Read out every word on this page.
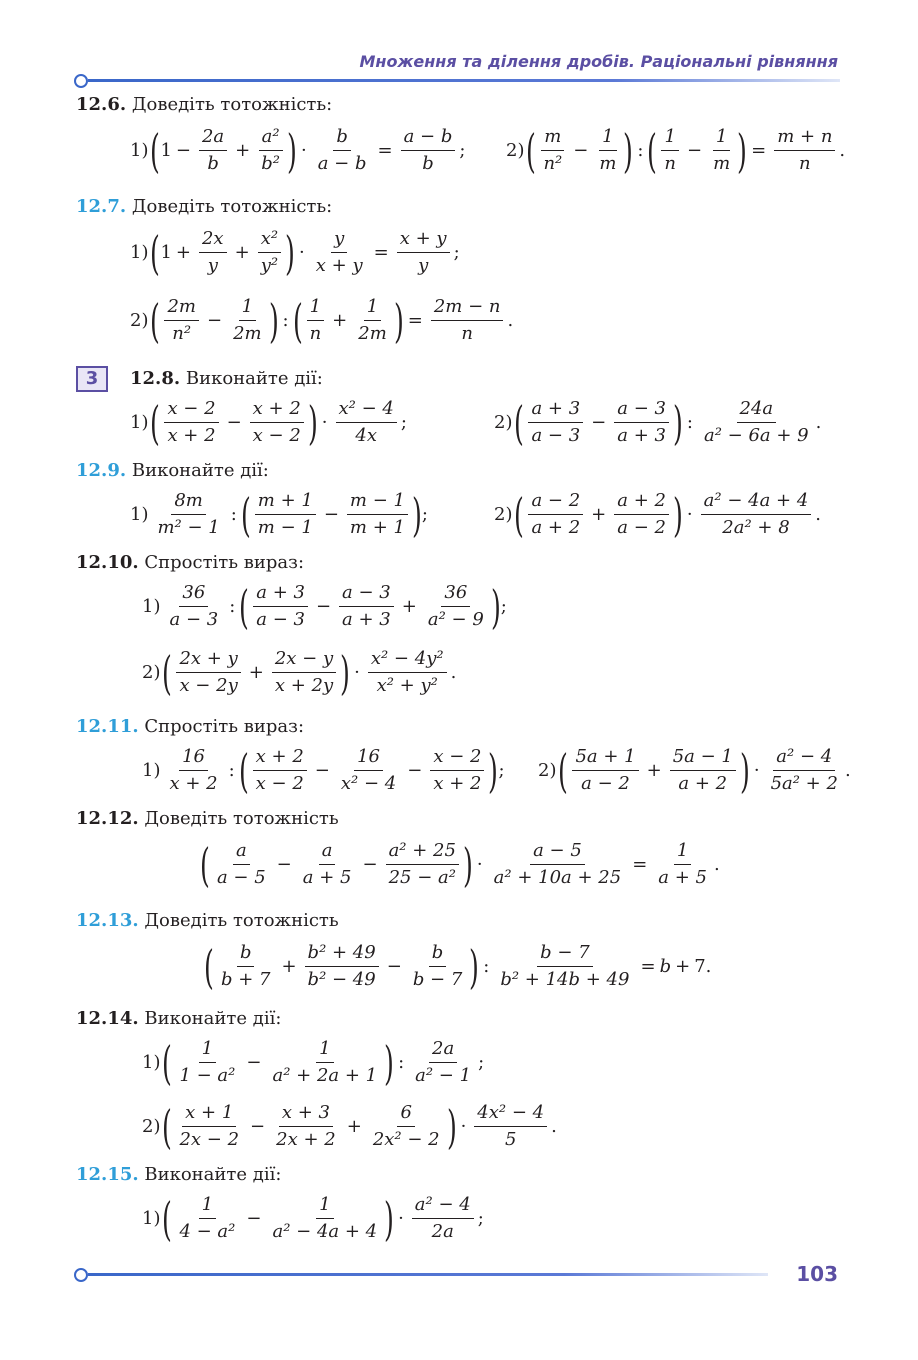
Множення та ділення дробів. Раціональні рівняння
12.6. Доведіть тотожність:
1) ( $1 - \frac{2a}{b} + \frac{\text{a²}}{\text{b²}}$ ) · $\frac{b}{a - b} = \frac{a - b}{b}$ ; 2) ( $\frac{m}{\text{n²}} - \frac{1}{m}$ ) : ( $\frac{1}{n} - \frac{1}{m}$ ) = $\frac{m + n}{n}$ .
12.7. Доведіть тотожність:
1) ( $1 + \frac{2x}{y} + \frac{\text{x²}}{\text{y²}}$ ) · $\frac{y}{x + y} = \frac{x + y}{y}$ ;
2) ( $\frac{2m}{\text{n²}} - \frac{1}{2m}$ ) : ( $\frac{1}{n} + \frac{1}{2m}$ ) = $\frac{2m - n}{n}$ .
3	12.8. Виконайте дії:
1) ( $\frac{x - 2}{x + 2} - \frac{x + 2}{x - 2}$ ) · $\frac{\text{x² − 4}}{4x}$ ;	2) ( $\frac{a + 3}{a - 3} - \frac{a - 3}{a + 3}$ ) : $\frac{24a}{\text{a² − 6a + 9}}$ .
12.9. Виконайте дії:
$1) \frac{8m}{\text{m² − 1}}$ : ( $\frac{m + 1}{m - 1} - \frac{m - 1}{m + 1}$ ) ;	2) ( $\frac{a - 2}{a + 2} + \frac{a + 2}{a - 2}$ ) · $\frac{\text{a² − 4a + 4}}{\text{2a² + 8}}$ .
12.10. Спростіть вираз:
$1) \frac{36}{a - 3}$ : ( $\frac{a + 3}{a - 3} - \frac{a - 3}{a + 3} + \frac{36}{\text{a² − 9}}$ ) ;
2) ( $\frac{2x + y}{x - 2y} + \frac{2x - y}{x + 2y}$ ) · $\frac{\text{x² − 4y²}}{\text{x² + y²}}$ .
12.11. Спростіть вираз:
$1) \frac{16}{x + 2}$ : ( $\frac{x + 2}{x - 2} - \frac{16}{\text{x² − 4}} - \frac{x - 2}{x + 2}$ ) ; 2) ( $\frac{5a + 1}{a - 2} + \frac{5a - 1}{a + 2}$ ) · $\frac{\text{a² − 4}}{\text{5a² + 2}}$ .
12.12. Доведіть тотожність
( $\frac{a}{a - 5} - \frac{a}{a + 5} - \frac{\text{a² + 25}}{\text{25 − a²}}$ ) · $\frac{a - 5}{\text{a² + 10a + 25}} = \frac{1}{a + 5}$ .
12.13. Доведіть тотожність
( $\frac{b}{b + 7} + \frac{\text{b² + 49}}{\text{b² − 49}} - \frac{b}{b - 7}$ ) : $\frac{b - 7}{\text{b² + 14b + 49}} = b + 7$.
12.14. Виконайте дії:
1) ( $\frac{1}{\text{1 − a²}} - \frac{1}{\text{a² + 2a + 1}}$ ) : $\frac{2a}{\text{a² − 1}}$ ;
2) ( $\frac{x + 1}{2x - 2} - \frac{x + 3}{2x + 2} + \frac{6}{\text{2x² − 2}}$ ) · $\frac{\text{4x² − 4}}{5}$ .
12.15. Виконайте дії:
1) ( $\frac{1}{\text{4 − a²}} - \frac{1}{\text{a² − 4a + 4}}$ ) · $\frac{\text{a² − 4}}{2a}$ ;
103
